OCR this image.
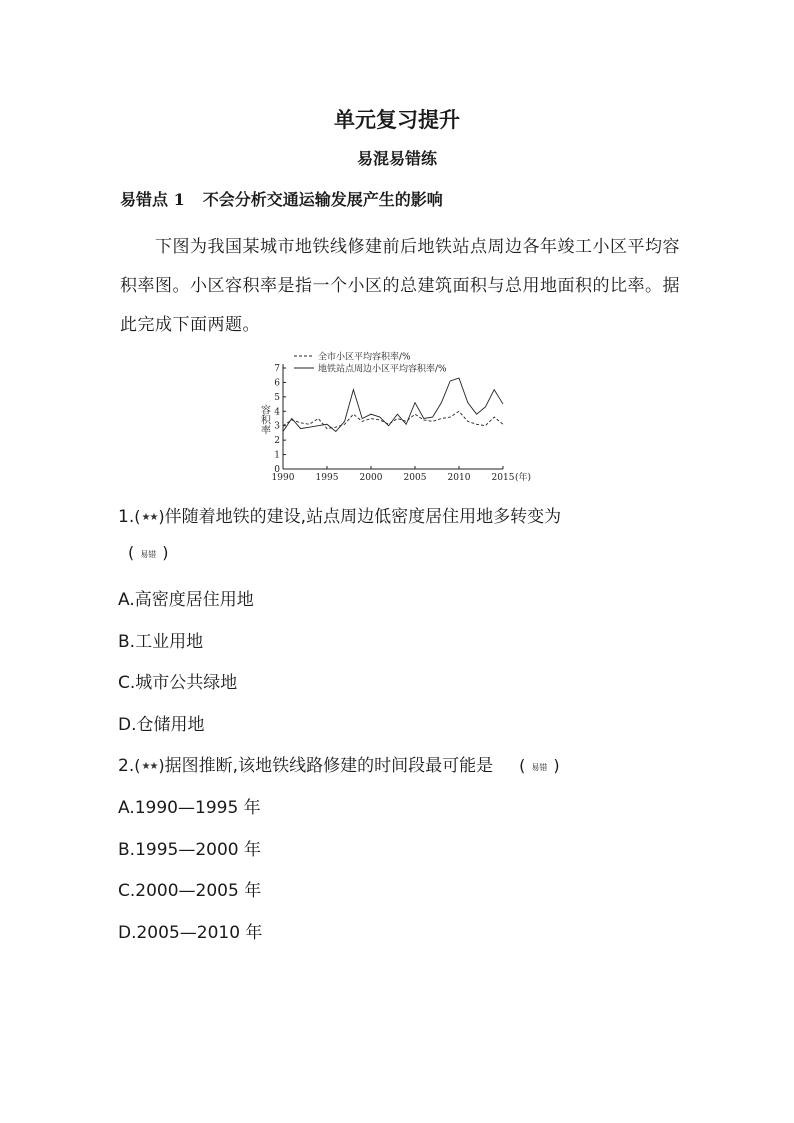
单元复习提升
易混易错练
易错点 1 不会分析交通运输发展产生的影响
下图为我国某城市地铁线修建前后地铁站点周边各年竣工小区平均容积率图。小区容积率是指一个小区的总建筑面积与总用地面积的比率。据此完成下面两题。
0
1
2
3
4
5
6
7
1990 1995 2000 2005 2010 2015 (年)
容积率
全市小区平均容积率/%
地铁站点周边小区平均容积率/%
1.(★★)伴随着地铁的建设,站点周边低密度居住用地多转变为
( 易错 )
A.高密度居住用地
B.工业用地
C.城市公共绿地
D.仓储用地
2.(★★)据图推断,该地铁线路修建的时间段最可能是 ( 易错 )
A.1990—1995 年
B.1995—2000 年
C.2000—2005 年
D.2005—2010 年
